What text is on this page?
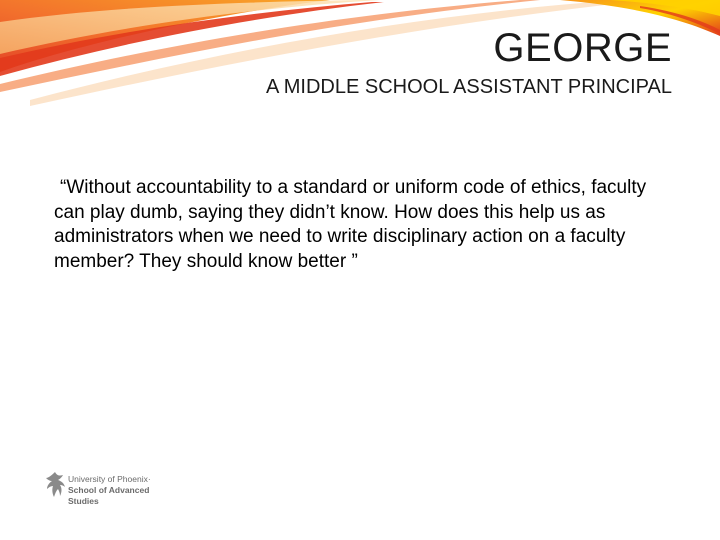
GEORGE
A MIDDLE SCHOOL ASSISTANT PRINCIPAL

“Without accountability to a standard or uniform code of ethics, faculty can play dumb, saying they didn’t know. How does this help us as administrators when we need to write disciplinary action on a faculty member? They should know better ”

University of Phoenix·
School of Advanced
Studies
